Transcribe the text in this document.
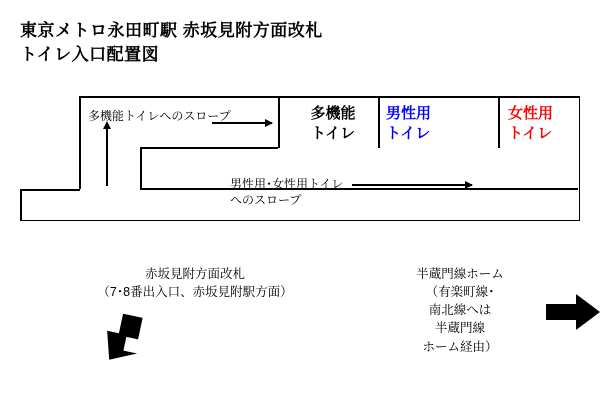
東京メトロ永田町駅 赤坂見附方面改札
トイレ入口配置図
多機能トイレへのスロープ
男性用･女性用トイレ
へのスロープ
多機能
トイレ
男性用
トイレ
女性用
トイレ
赤坂見附方面改札
（7･8番出入口、赤坂見附駅方面）
半蔵門線ホーム
（有楽町線･
南北線へは
半蔵門線
ホーム経由）
